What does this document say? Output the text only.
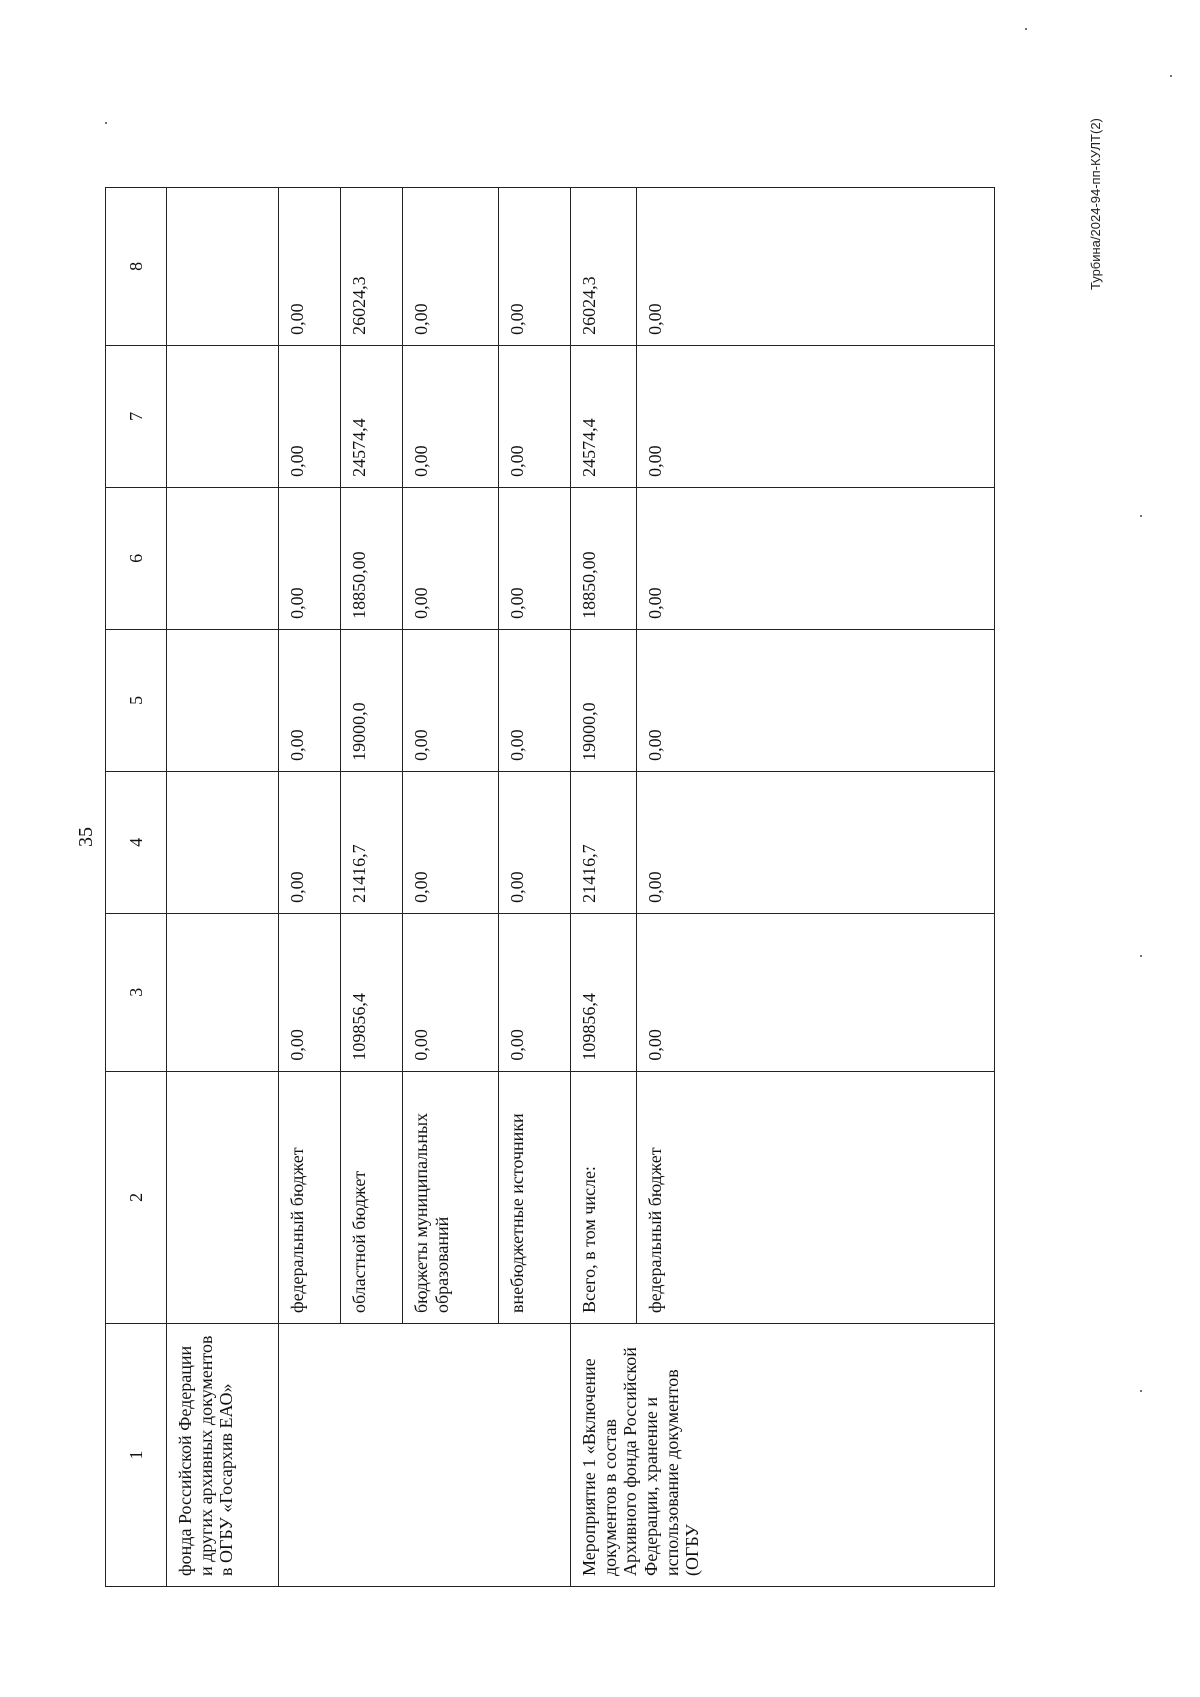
35
1	2	3	4	5	6	7	8
фонда Российской Федерации и других архивных документов в ОГБУ «Госархив ЕАО»							
	федеральный бюджет	0,00	0,00	0,00	0,00	0,00	0,00
	областной бюджет	109856,4	21416,7	19000,0	18850,00	24574,4	26024,3
	бюджеты муниципальных образований	0,00	0,00	0,00	0,00	0,00	0,00
	внебюджетные источники	0,00	0,00	0,00	0,00	0,00	0,00
Мероприятие 1 «Включение документов в состав Архивного фонда Российской Федерации, хранение и использование документов (ОГБУ	Всего, в том числе:	109856,4	21416,7	19000,0	18850,00	24574,4	26024,3
	федеральный бюджет	0,00	0,00	0,00	0,00	0,00	0,00
Турбина/2024-94-пп-КУЛТ(2)
